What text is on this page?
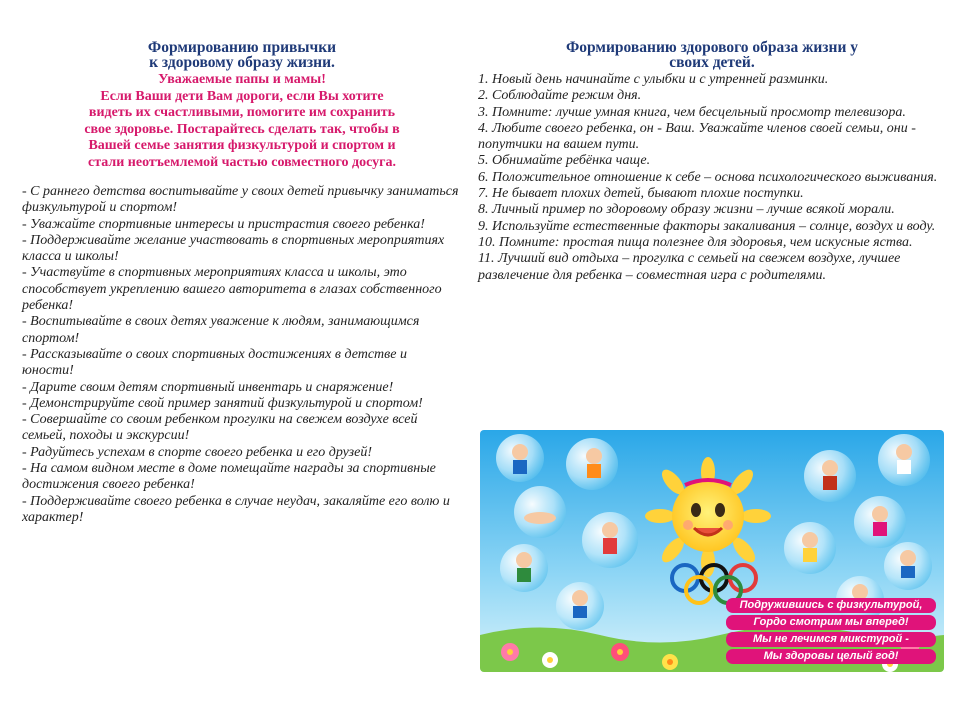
Формированию привычки
к здоровому образу жизни.
Уважаемые папы и мамы!
Если Ваши дети Вам дороги, если Вы хотите
видеть их счастливыми, помогите им сохранить
свое здоровье. Постарайтесь сделать так, чтобы в
Вашей семье занятия физкультурой и спортом и
стали неотъемлемой частью совместного досуга.
- С раннего детства воспитывайте у своих детей привычку заниматься физкультурой и спортом!
- Уважайте спортивные интересы и пристрастия своего ребенка!
- Поддерживайте желание участвовать в спортивных мероприятиях класса и школы!
- Участвуйте в спортивных мероприятиях класса и школы, это способствует укреплению вашего авторитета в глазах собственного ребенка!
- Воспитывайте в своих детях уважение к людям, занимающимся спортом!
- Рассказывайте о своих спортивных достижениях в детстве и юности!
- Дарите своим детям спортивный инвентарь и снаряжение!
- Демонстрируйте свой пример занятий физкультурой и спортом!
- Совершайте со своим ребенком прогулки на свежем воздухе всей семьей, походы и экскурсии!
- Радуйтесь успехам в спорте своего ребенка и его друзей!
- На самом видном месте в доме помещайте награды за спортивные достижения своего ребенка!
- Поддерживайте своего ребенка в случае неудач, закаляйте его волю и характер!
Формированию здорового образа жизни у
своих детей.
1. Новый день начинайте с улыбки и с утренней разминки.
2. Соблюдайте режим дня.
3. Помните: лучше умная книга, чем бесцельный просмотр телевизора.
4. Любите своего ребенка, он - Ваш. Уважайте членов своей семьи, они - попутчики на вашем пути.
5. Обнимайте ребёнка чаще.
6. Положительное отношение к себе – основа психологического выживания.
7. Не бывает плохих детей, бывают плохие поступки.
8. Личный пример по здоровому образу жизни – лучше всякой морали.
9. Используйте естественные факторы закаливания – солнце, воздух и воду.
10. Помните: простая пища полезнее для здоровья, чем искусные яства.
11. Лучший вид отдыха – прогулка с семьей на свежем воздухе, лучшее развлечение для ребенка – совместная игра с родителями.
Подружившись с физкультурой,
Гордо смотрим мы вперед!
Мы не лечимся микстурой -
Мы здоровы целый год!
